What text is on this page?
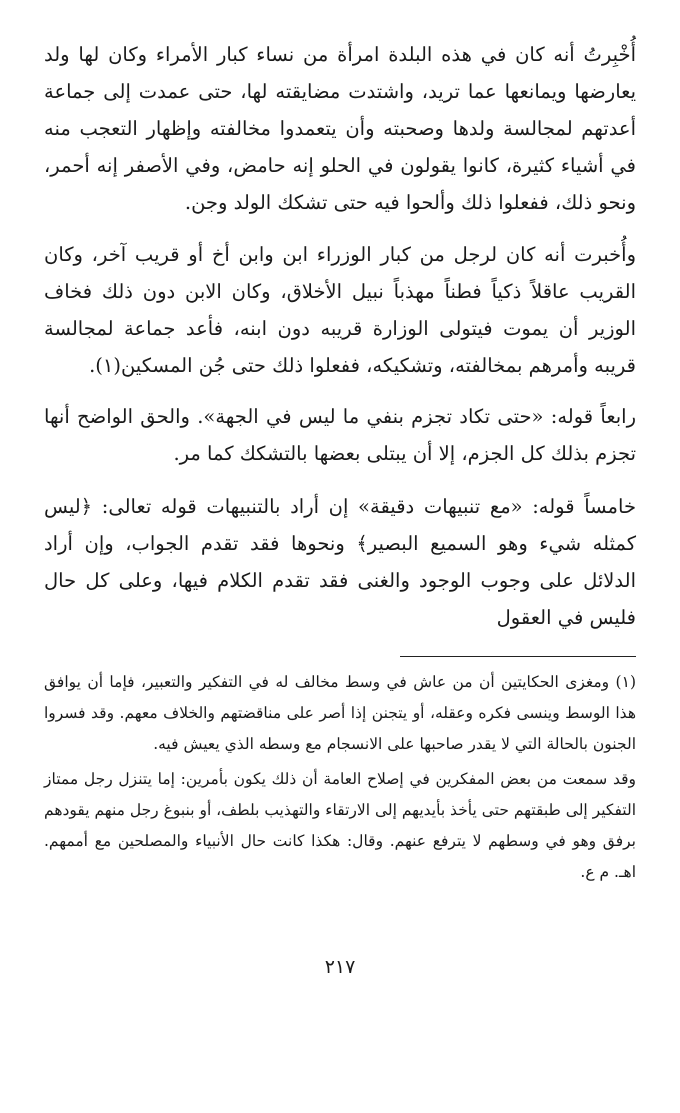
أُخْبِرتُ أنه كان في هذه البلدة امرأة من نساء كبار الأمراء وكان لها ولد يعارضها ويمانعها عما تريد، واشتدت مضايقته لها، حتى عمدت إلى جماعة أعدتهم لمجالسة ولدها وصحبته وأن يتعمدوا مخالفته وإظهار التعجب منه في أشياء كثيرة، كانوا يقولون في الحلو إنه حامض، وفي الأصفر إنه أحمر، ونحو ذلك، ففعلوا ذلك وألحوا فيه حتى تشكك الولد وجن.

وأُخبرت أنه كان لرجل من كبار الوزراء ابن وابن أخ أو قريب آخر، وكان القريب عاقلاً ذكياً فطناً مهذباً نبيل الأخلاق، وكان الابن دون ذلك فخاف الوزير أن يموت فيتولى الوزارة قريبه دون ابنه، فأعد جماعة لمجالسة قريبه وأمرهم بمخالفته، وتشكيكه، ففعلوا ذلك حتى جُن المسكين(١).

رابعاً قوله: «حتى تكاد تجزم بنفي ما ليس في الجهة». والحق الواضح أنها تجزم بذلك كل الجزم، إلا أن يبتلى بعضها بالتشكك كما مر.

خامساً قوله: «مع تنبيهات دقيقة» إن أراد بالتنبيهات قوله تعالى: ﴿ليس كمثله شيء وهو السميع البصير﴾ ونحوها فقد تقدم الجواب، وإن أراد الدلائل على وجوب الوجود والغنى فقد تقدم الكلام فيها، وعلى كل حال فليس في العقول

(١) ومغزى الحكايتين أن من عاش في وسط مخالف له في التفكير والتعبير، فإما أن يوافق هذا الوسط وينسى فكره وعقله، أو يتجنن إذا أصر على مناقضتهم والخلاف معهم. وقد فسروا الجنون بالحالة التي لا يقدر صاحبها على الانسجام مع وسطه الذي يعيش فيه.

وقد سمعت من بعض المفكرين في إصلاح العامة أن ذلك يكون بأمرين: إما يتنزل رجل ممتاز التفكير إلى طبقتهم حتى يأخذ بأيديهم إلى الارتقاء والتهذيب بلطف، أو بنبوغ رجل منهم يقودهم برفق وهو في وسطهم لا يترفع عنهم. وقال: هكذا كانت حال الأنبياء والمصلحين مع أممهم. اهـ. م ع.

٢١٧
